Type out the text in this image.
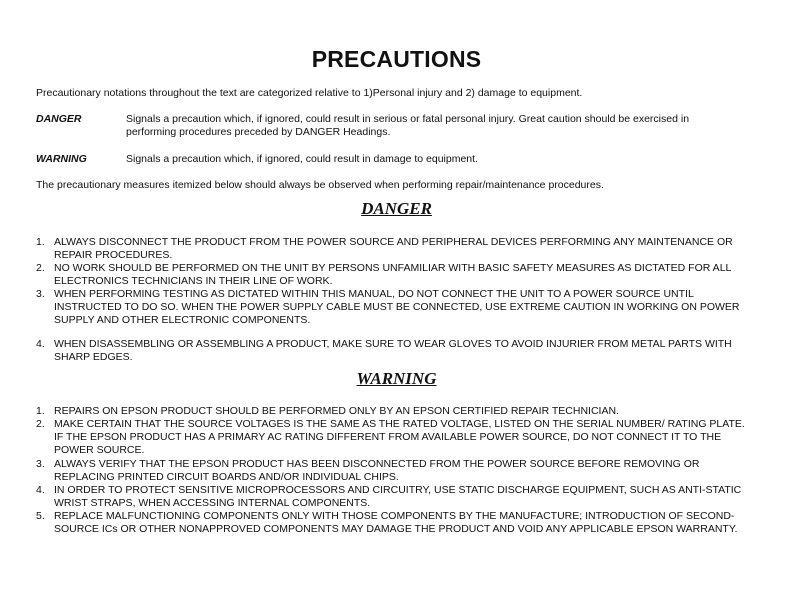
PRECAUTIONS
Precautionary notations throughout the text are categorized relative to 1)Personal injury and 2) damage to equipment.
DANGER	Signals a precaution which, if ignored, could result in serious or fatal personal injury. Great caution should be exercised in performing procedures preceded by DANGER Headings.
WARNING	Signals a precaution which, if ignored, could result in damage to equipment.
The precautionary measures itemized below should always be observed when performing repair/maintenance procedures.
DANGER
1. ALWAYS DISCONNECT THE PRODUCT FROM THE POWER SOURCE AND PERIPHERAL DEVICES PERFORMING ANY MAINTENANCE OR REPAIR PROCEDURES.
2. NO WORK SHOULD BE PERFORMED ON THE UNIT BY PERSONS UNFAMILIAR WITH BASIC SAFETY MEASURES AS DICTATED FOR ALL ELECTRONICS TECHNICIANS IN THEIR LINE OF WORK.
3. WHEN PERFORMING TESTING AS DICTATED WITHIN THIS MANUAL, DO NOT CONNECT THE UNIT TO A POWER SOURCE UNTIL INSTRUCTED TO DO SO. WHEN THE POWER SUPPLY CABLE MUST BE CONNECTED, USE EXTREME CAUTION IN WORKING ON POWER SUPPLY AND OTHER ELECTRONIC COMPONENTS.
4. WHEN DISASSEMBLING OR ASSEMBLING A PRODUCT, MAKE SURE TO WEAR GLOVES TO AVOID INJURIER FROM METAL PARTS WITH SHARP EDGES.
WARNING
1. REPAIRS ON EPSON PRODUCT SHOULD BE PERFORMED ONLY BY AN EPSON CERTIFIED REPAIR TECHNICIAN.
2. MAKE CERTAIN THAT THE SOURCE VOLTAGES IS THE SAME AS THE RATED VOLTAGE, LISTED ON THE SERIAL NUMBER/ RATING PLATE. IF THE EPSON PRODUCT HAS A PRIMARY AC RATING DIFFERENT FROM AVAILABLE POWER SOURCE, DO NOT CONNECT IT TO THE POWER SOURCE.
3. ALWAYS VERIFY THAT THE EPSON PRODUCT HAS BEEN DISCONNECTED FROM THE POWER SOURCE BEFORE REMOVING OR REPLACING PRINTED CIRCUIT BOARDS AND/OR INDIVIDUAL CHIPS.
4. IN ORDER TO PROTECT SENSITIVE MICROPROCESSORS AND CIRCUITRY, USE STATIC DISCHARGE EQUIPMENT, SUCH AS ANTI-STATIC WRIST STRAPS, WHEN ACCESSING INTERNAL COMPONENTS.
5. REPLACE MALFUNCTIONING COMPONENTS ONLY WITH THOSE COMPONENTS BY THE MANUFACTURE; INTRODUCTION OF SECOND-SOURCE ICs OR OTHER NONAPPROVED COMPONENTS MAY DAMAGE THE PRODUCT AND VOID ANY APPLICABLE EPSON WARRANTY.
